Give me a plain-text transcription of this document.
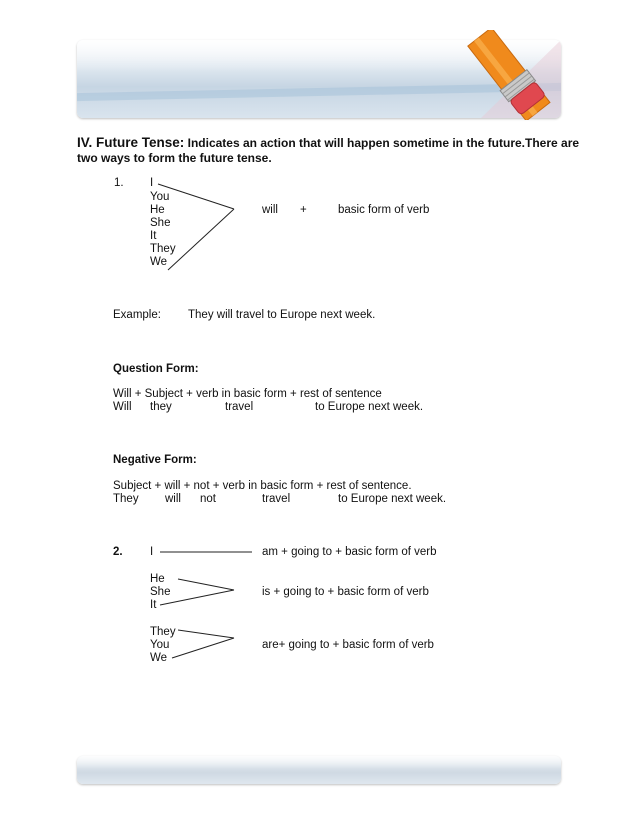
IV. Future Tense: Indicates an action that will happen sometime in the future.There are
two ways to form the future tense.
1. I
You
He
She
It
They
We
will +	basic form of verb
Example: They will travel to Europe next week.
Question Form:
Will + Subject + verb in basic form + rest of sentence
Will they	travel	to Europe next week.
Negative Form:
Subject + will + not + verb in basic form + rest of sentence.
They will not	travel	to Europe next week.
2. I	am + going to + basic form of verb
He
She
It
is + going to + basic form of verb
They
You
We
are+ going to + basic form of verb
